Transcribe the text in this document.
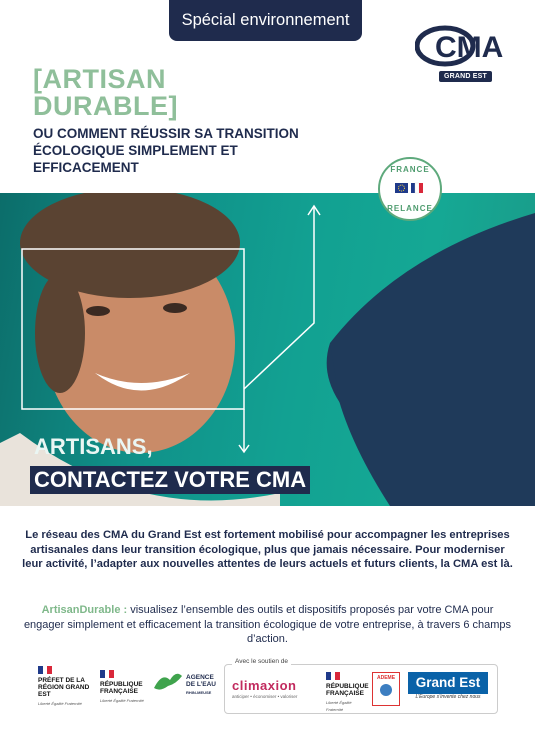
Spécial environnement
CMA
GRAND EST
[ARTISAN
DURABLE]
OU COMMENT RÉUSSIR SA TRANSITION ÉCOLOGIQUE SIMPLEMENT ET EFFICACEMENT	FRANCE
RELANCE
ARTISANS,
CONTACTEZ VOTRE CMA
Le réseau des CMA du Grand Est est fortement mobilisé pour accompagner les entreprises artisanales dans leur transition écologique, plus que jamais nécessaire. Pour moderniser leur activité, l’adapter aux nouvelles attentes de leurs actuels et futurs clients, la CMA est là.
ArtisanDurable : visualisez l’ensemble des outils et dispositifs proposés par votre CMA pour engager simplement et efficacement la transition écologique de votre entreprise, à travers 6 champs d’action.
PRÉFET DE LA RÉGION GRAND EST
Liberté Égalité Fraternité
RÉPUBLIQUE FRANÇAISE
Liberté Égalité Fraternité
AGENCE DE L’EAU
RHIN-MEUSE
Avec le soutien de
climaxion
anticiper • économiser • valoriser
RÉPUBLIQUE FRANÇAISE
Liberté Égalité Fraternité
ADEME	Grand Est
L’Europe s’invente chez nous
